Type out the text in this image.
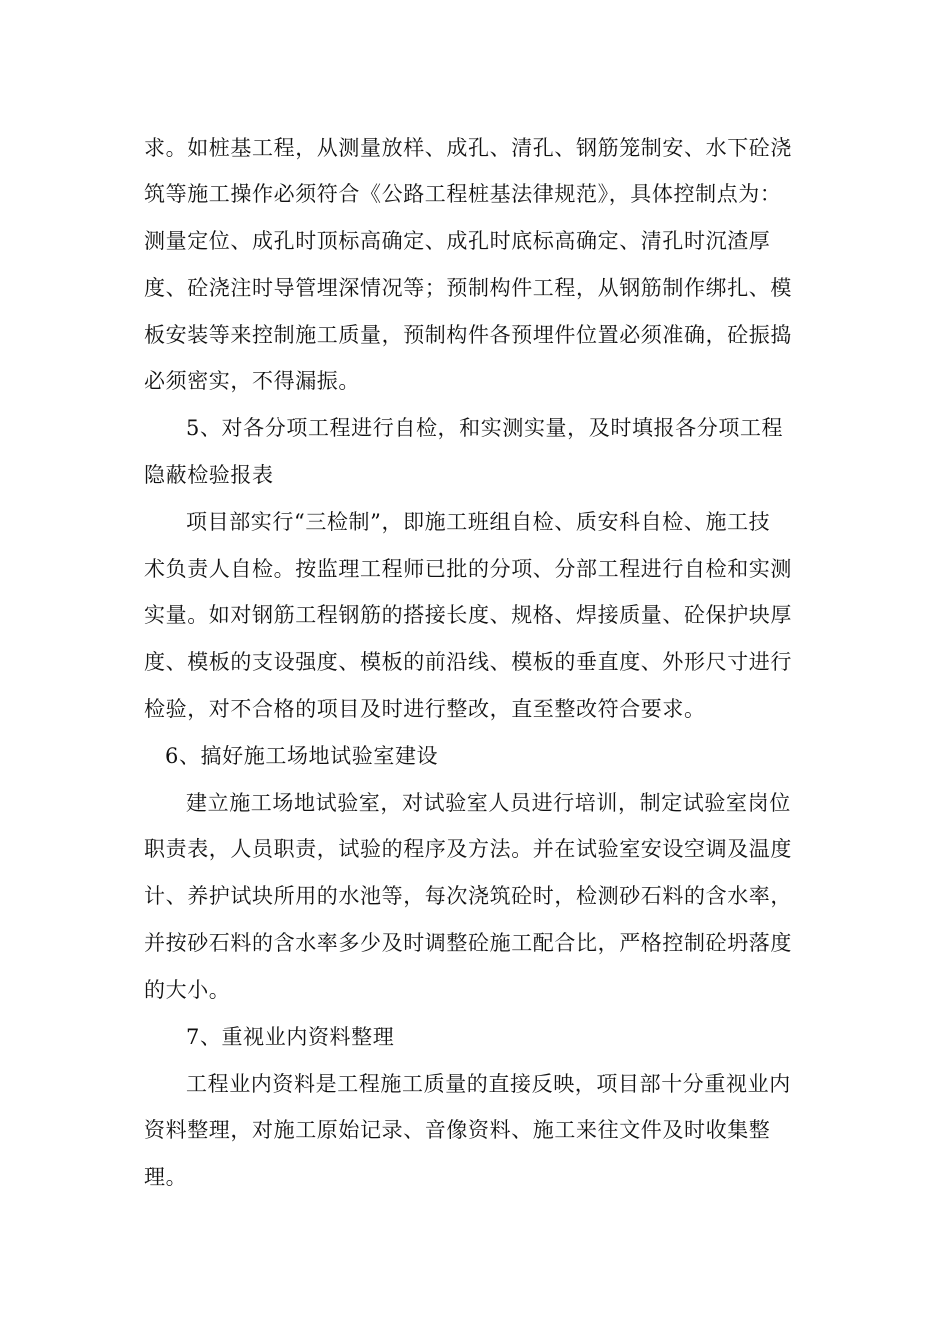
求。如桩基工程，从测量放样、成孔、清孔、钢筋笼制安、水下砼浇
筑等施工操作必须符合《公路工程桩基法律规范》，具体控制点为：
测量定位、成孔时顶标高确定、成孔时底标高确定、清孔时沉渣厚
度、砼浇注时导管埋深情况等；预制构件工程，从钢筋制作绑扎、模
板安装等来控制施工质量，预制构件各预埋件位置必须准确，砼振捣
必须密实，不得漏振。
5、对各分项工程进行自检，和实测实量，及时填报各分项工程
隐蔽检验报表
项目部实行“三检制”，即施工班组自检、质安科自检、施工技
术负责人自检。按监理工程师已批的分项、分部工程进行自检和实测
实量。如对钢筋工程钢筋的搭接长度、规格、焊接质量、砼保护块厚
度、模板的支设强度、模板的前沿线、模板的垂直度、外形尺寸进行
检验，对不合格的项目及时进行整改，直至整改符合要求。
6、搞好施工场地试验室建设
建立施工场地试验室，对试验室人员进行培训，制定试验室岗位
职责表，人员职责，试验的程序及方法。并在试验室安设空调及温度
计、养护试块所用的水池等，每次浇筑砼时，检测砂石料的含水率，
并按砂石料的含水率多少及时调整砼施工配合比，严格控制砼坍落度
的大小。
7、重视业内资料整理
工程业内资料是工程施工质量的直接反映，项目部十分重视业内
资料整理，对施工原始记录、音像资料、施工来往文件及时收集整
理。
